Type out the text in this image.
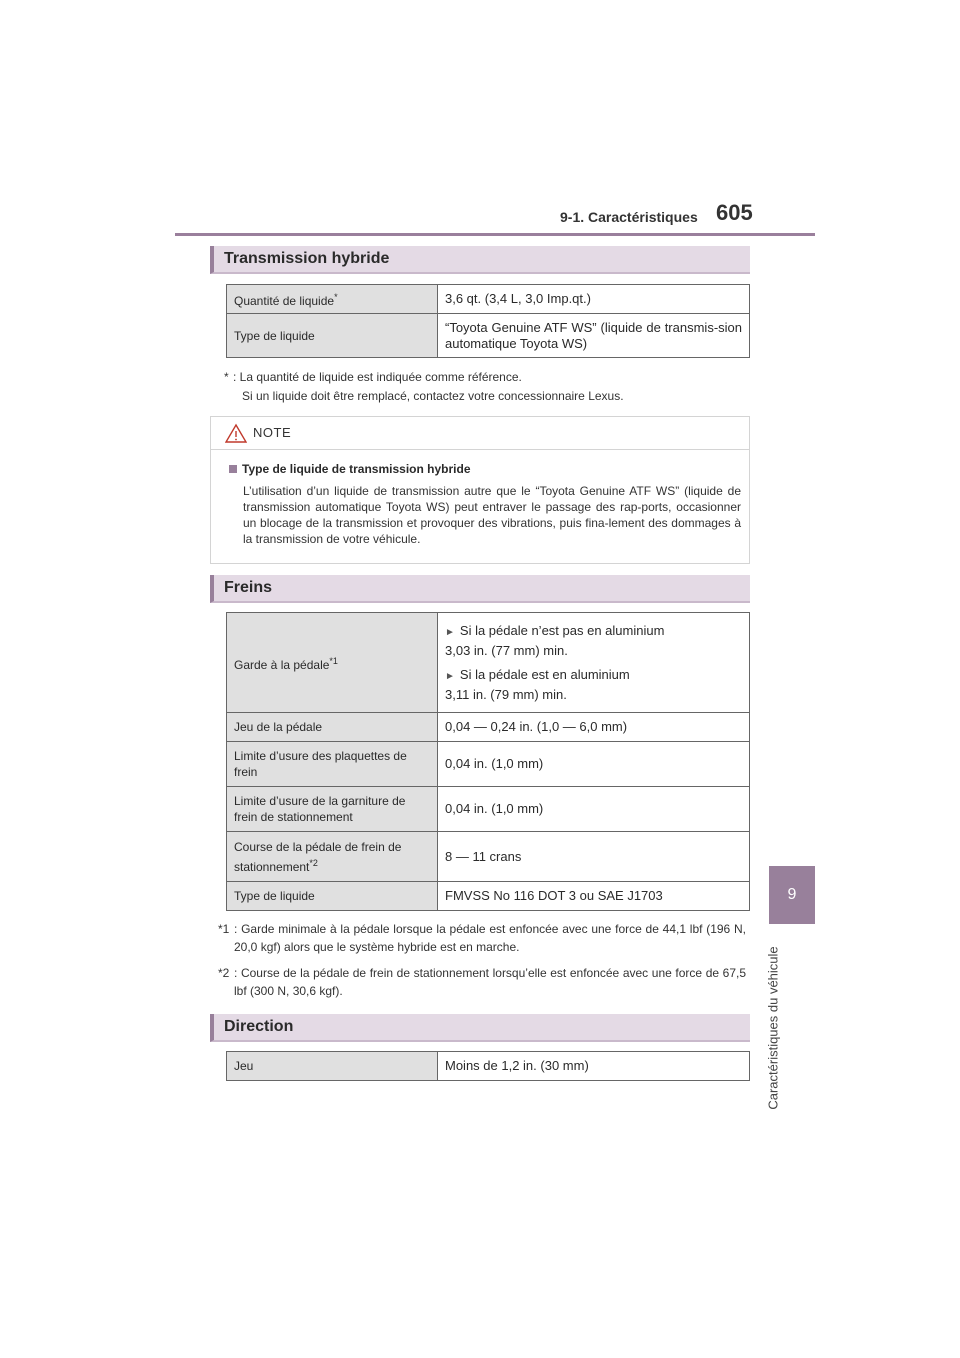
9-1. Caractéristiques 605
9
Caractéristiques du véhicule
Transmission hybride
Quantité de liquide*	3,6 qt. (3,4 L, 3,0 Imp.qt.)
Type de liquide	“Toyota Genuine ATF WS” (liquide de transmis-sion automatique Toyota WS)
* : La quantité de liquide est indiquée comme référence.
Si un liquide doit être remplacé, contactez votre concessionnaire Lexus.
NOTE
Type de liquide de transmission hybride
L’utilisation d’un liquide de transmission autre que le “Toyota Genuine ATF WS” (liquide de transmission automatique Toyota WS) peut entraver le passage des rap-ports, occasionner un blocage de la transmission et provoquer des vibrations, puis fina-lement des dommages à la transmission de votre véhicule.
Freins
Garde à la pédale$^{*1}$	► Si la pédale n’est pas en aluminium
3,03 in. (77 mm) min.
► Si la pédale est en aluminium
3,11 in. (79 mm) min.

Jeu de la pédale	0,04 — 0,24 in. (1,0 — 6,0 mm)
Limite d’usure des plaquettes de frein	0,04 in. (1,0 mm)
Limite d’usure de la garniture de frein de stationnement	0,04 in. (1,0 mm)
Course de la pédale de frein de stationnement$^{*2}$	8 — 11 crans
Type de liquide	FMVSS No 116 DOT 3 ou SAE J1703
*1 : Garde minimale à la pédale lorsque la pédale est enfoncée avec une force de 44,1 lbf (196 N, 20,0 kgf) alors que le système hybride est en marche.
*2 : Course de la pédale de frein de stationnement lorsqu’elle est enfoncée avec une force de 67,5 lbf (300 N, 30,6 kgf).
Direction
Jeu	Moins de 1,2 in. (30 mm)
